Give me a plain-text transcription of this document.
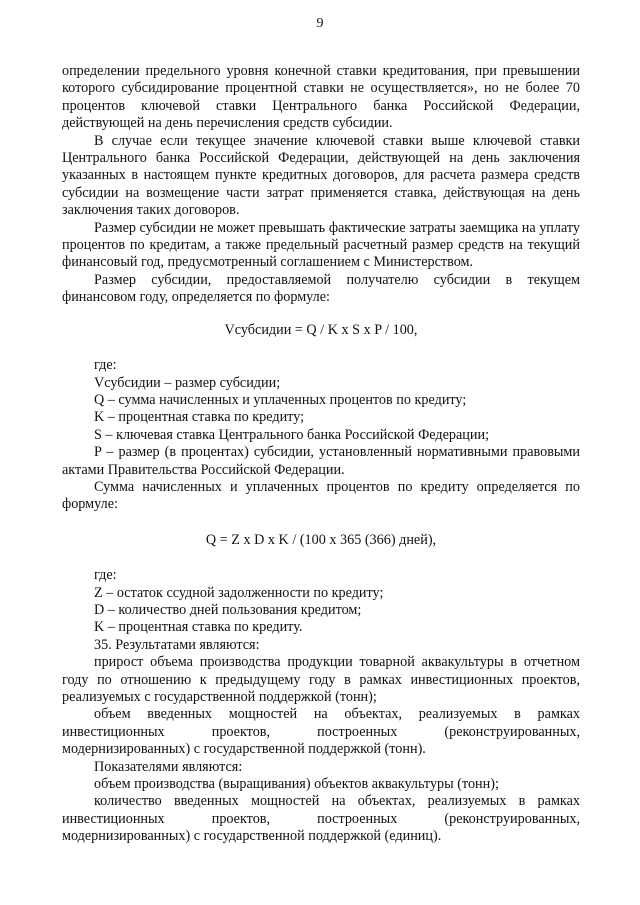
9

определении предельного уровня конечной ставки кредитования, при превышении которого субсидирование процентной ставки не осуществляется», но не более 70 процентов ключевой ставки Центрального банка Российской Федерации, действующей на день перечисления средств субсидии.

В случае если текущее значение ключевой ставки выше ключевой ставки Центрального банка Российской Федерации, действующей на день заключения указанных в настоящем пункте кредитных договоров, для расчета размера средств субсидии на возмещение части затрат применяется ставка, действующая на день заключения таких договоров.

Размер субсидии не может превышать фактические затраты заемщика на уплату процентов по кредитам, а также предельный расчетный размер средств на текущий финансовый год, предусмотренный соглашением с Министерством.

Размер субсидии, предоставляемой получателю субсидии в текущем финансовом году, определяется по формуле:

Vсубсидии = Q / K x S x P / 100,

где:

Vсубсидии – размер субсидии;

Q – сумма начисленных и уплаченных процентов по кредиту;

K – процентная ставка по кредиту;

S – ключевая ставка Центрального банка Российской Федерации;

P – размер (в процентах) субсидии, установленный нормативными правовыми актами Правительства Российской Федерации.

Сумма начисленных и уплаченных процентов по кредиту определяется по формуле:

Q = Z x D x K / (100 x 365 (366) дней),

где:

Z – остаток ссудной задолженности по кредиту;

D – количество дней пользования кредитом;

K – процентная ставка по кредиту.

35. Результатами являются:

прирост объема производства продукции товарной аквакультуры в отчетном году по отношению к предыдущему году в рамках инвестиционных проектов, реализуемых с государственной поддержкой (тонн);

объем введенных мощностей на объектах, реализуемых в рамках инвестиционных проектов, построенных (реконструированных, модернизированных) с государственной поддержкой (тонн).

Показателями являются:

объем производства (выращивания) объектов аквакультуры (тонн);

количество введенных мощностей на объектах, реализуемых в рамках инвестиционных проектов, построенных (реконструированных, модернизированных) с государственной поддержкой (единиц).
